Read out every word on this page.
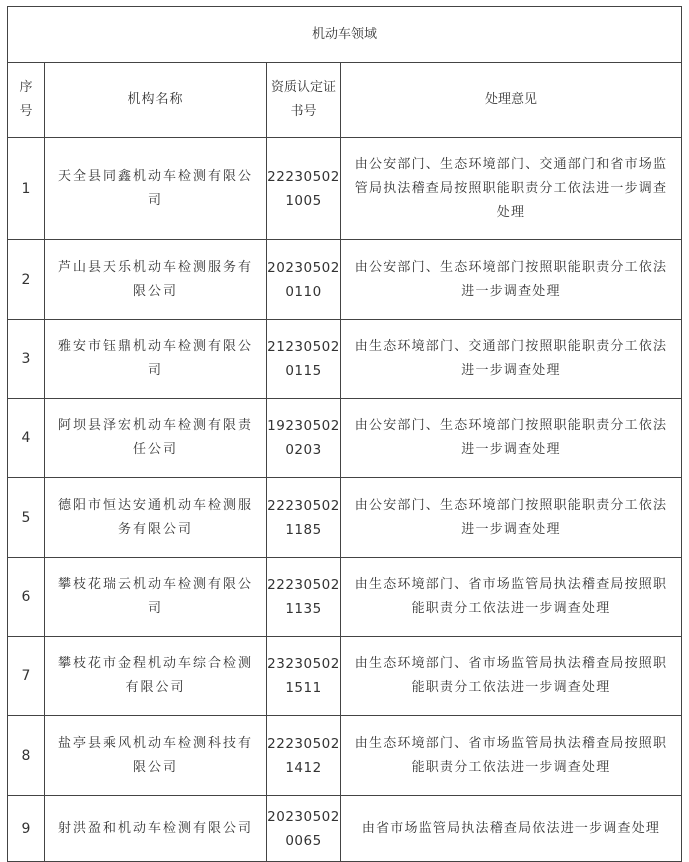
机动车领域			
序号	机构名称	资质认定证书号	处理意见
1	天全县同鑫机动车检测有限公司	222305021005	由公安部门、生态环境部门、交通部门和省市场监管局执法稽查局按照职能职责分工依法进一步调查处理
2	芦山县天乐机动车检测服务有限公司	202305020110	由公安部门、生态环境部门按照职能职责分工依法进一步调查处理
3	雅安市钰鼎机动车检测有限公司	212305020115	由生态环境部门、交通部门按照职能职责分工依法进一步调查处理
4	阿坝县泽宏机动车检测有限责任公司	192305020203	由公安部门、生态环境部门按照职能职责分工依法进一步调查处理
5	德阳市恒达安通机动车检测服务有限公司	222305021185	由公安部门、生态环境部门按照职能职责分工依法进一步调查处理
6	攀枝花瑞云机动车检测有限公司	222305021135	由生态环境部门、省市场监管局执法稽查局按照职能职责分工依法进一步调查处理
7	攀枝花市金程机动车综合检测有限公司	232305021511	由生态环境部门、省市场监管局执法稽查局按照职能职责分工依法进一步调查处理
8	盐亭县乘风机动车检测科技有限公司	222305021412	由生态环境部门、省市场监管局执法稽查局按照职能职责分工依法进一步调查处理
9	射洪盈和机动车检测有限公司	202305020065	由省市场监管局执法稽查局依法进一步调查处理
